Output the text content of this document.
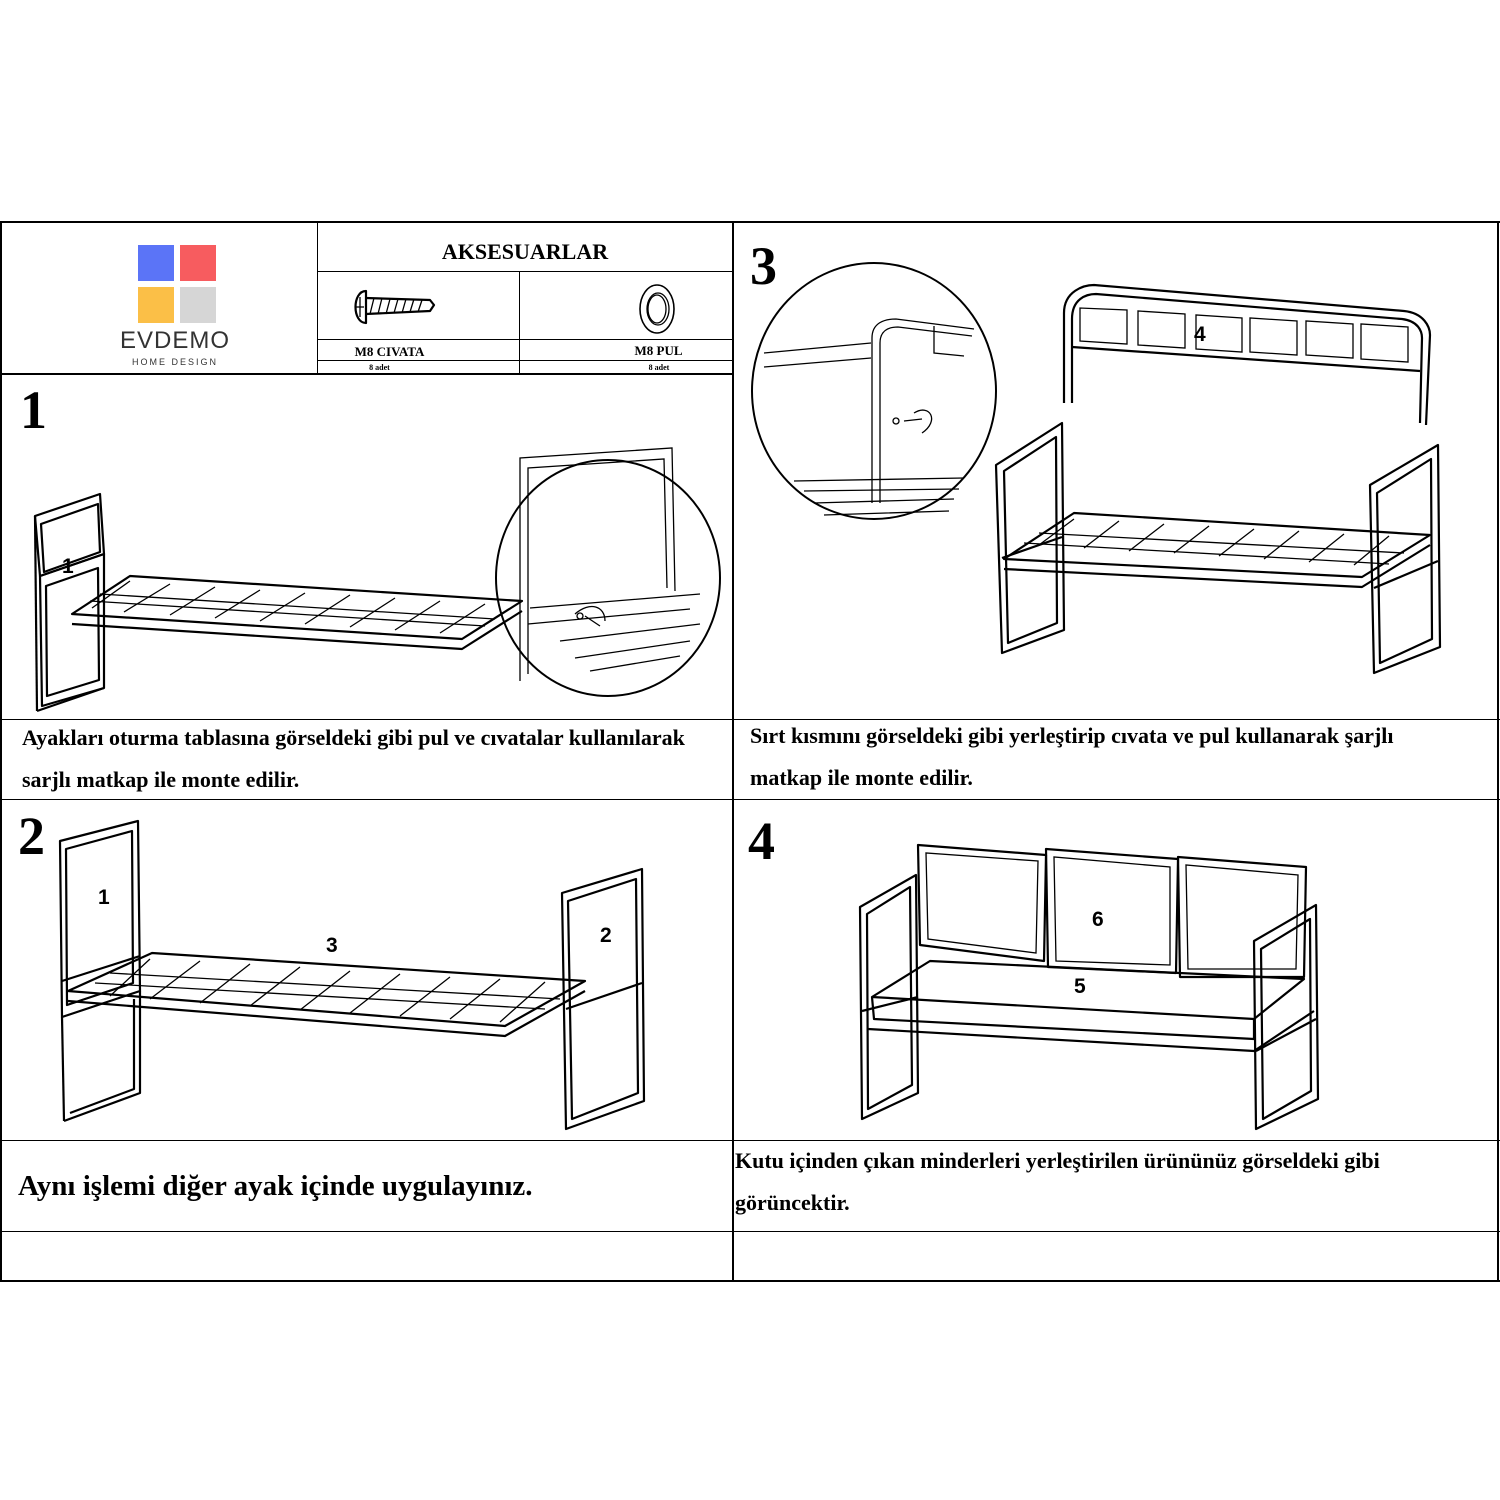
EVDEMO
HOME DESIGN
AKSESUARLAR
M8 CIVATA	M8 PUL
8 adet	8 adet
1
2
3
4
Ayakları oturma tablasına görseldeki gibi pul ve cıvatalar kullanılarak sarjlı matkap ile monte edilir.
Aynı işlemi diğer ayak içinde uygulayınız.
Sırt kısmını görseldeki gibi yerleştirip cıvata ve pul kullanarak şarjlı matkap ile monte edilir.
Kutu içinden çıkan minderleri yerleştirilen ürününüz görseldeki gibi görüncektir.
1
1
3	2
4
6
5
